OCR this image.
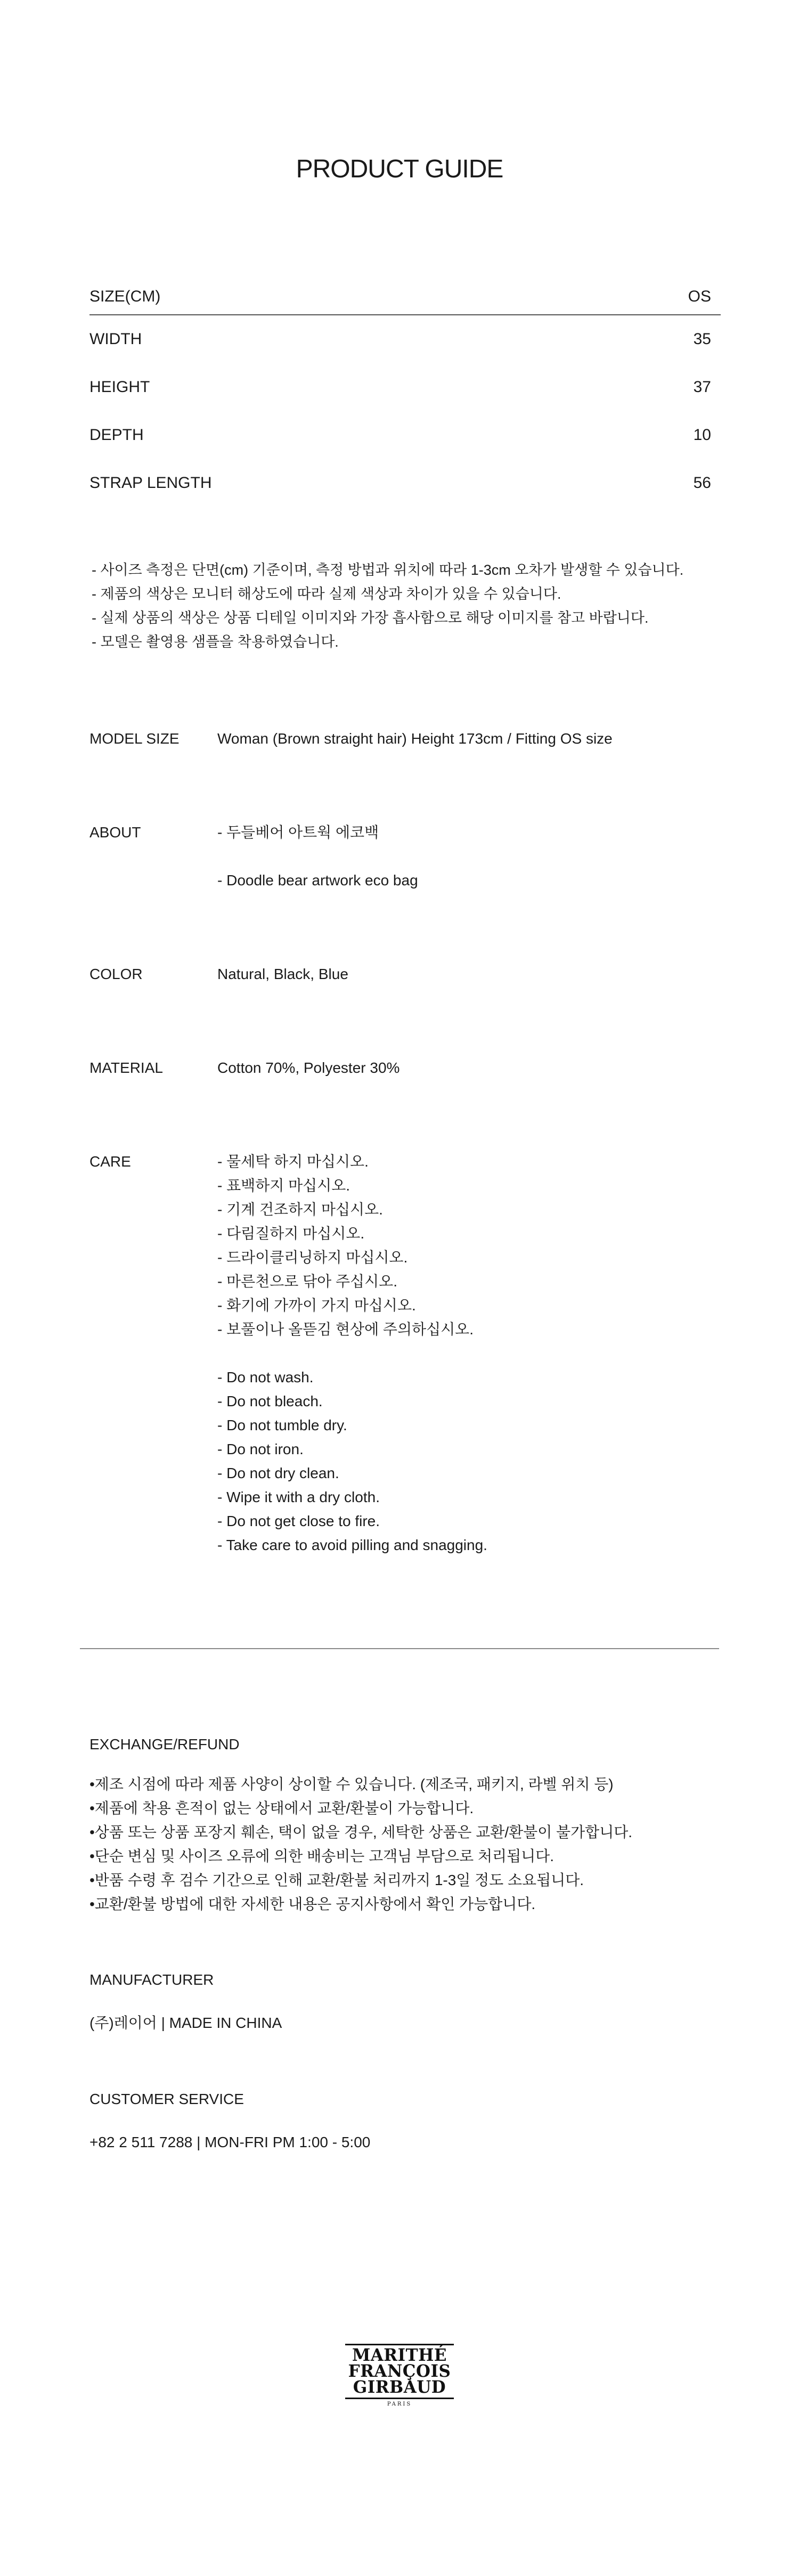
PRODUCT GUIDE
SIZE(CM)	OS
WIDTH	35
HEIGHT	37
DEPTH	10
STRAP LENGTH	56
- 사이즈 측정은 단면(cm) 기준이며, 측정 방법과 위치에 따라 1-3cm 오차가 발생할 수 있습니다.
- 제품의 색상은 모니터 해상도에 따라 실제 색상과 차이가 있을 수 있습니다.
- 실제 상품의 색상은 상품 디테일 이미지와 가장 흡사함으로 해당 이미지를 참고 바랍니다.
- 모델은 촬영용 샘플을 착용하였습니다.
MODEL SIZE	Woman (Brown straight hair) Height 173cm / Fitting OS size
ABOUT	- 두들베어 아트웍 에코백
- Doodle bear artwork eco bag
COLOR	Natural, Black, Blue
MATERIAL	Cotton 70%, Polyester 30%
CARE	- 물세탁 하지 마십시오.
- 표백하지 마십시오.
- 기계 건조하지 마십시오.
- 다림질하지 마십시오.
- 드라이클리닝하지 마십시오.
- 마른천으로 닦아 주십시오.
- 화기에 가까이 가지 마십시오.
- 보풀이나 올뜯김 현상에 주의하십시오.
- Do not wash.
- Do not bleach.
- Do not tumble dry.
- Do not iron.
- Do not dry clean.
- Wipe it with a dry cloth.
- Do not get close to fire.
- Take care to avoid pilling and snagging.
EXCHANGE/REFUND
•제조 시점에 따라 제품 사양이 상이할 수 있습니다. (제조국, 패키지, 라벨 위치 등)
•제품에 착용 흔적이 없는 상태에서 교환/환불이 가능합니다.
•상품 또는 상품 포장지 훼손, 택이 없을 경우, 세탁한 상품은 교환/환불이 불가합니다.
•단순 변심 및 사이즈 오류에 의한 배송비는 고객님 부담으로 처리됩니다.
•반품 수령 후 검수 기간으로 인해 교환/환불 처리까지 1-3일 정도 소요됩니다.
•교환/환불 방법에 대한 자세한 내용은 공지사항에서 확인 가능합니다.
MANUFACTURER
(주)레이어 | MADE IN CHINA
CUSTOMER SERVICE
+82 2 511 7288 | MON-FRI PM 1:00 - 5:00
MARITHÉ
FRANÇOIS
GIRBAUD
PARIS
